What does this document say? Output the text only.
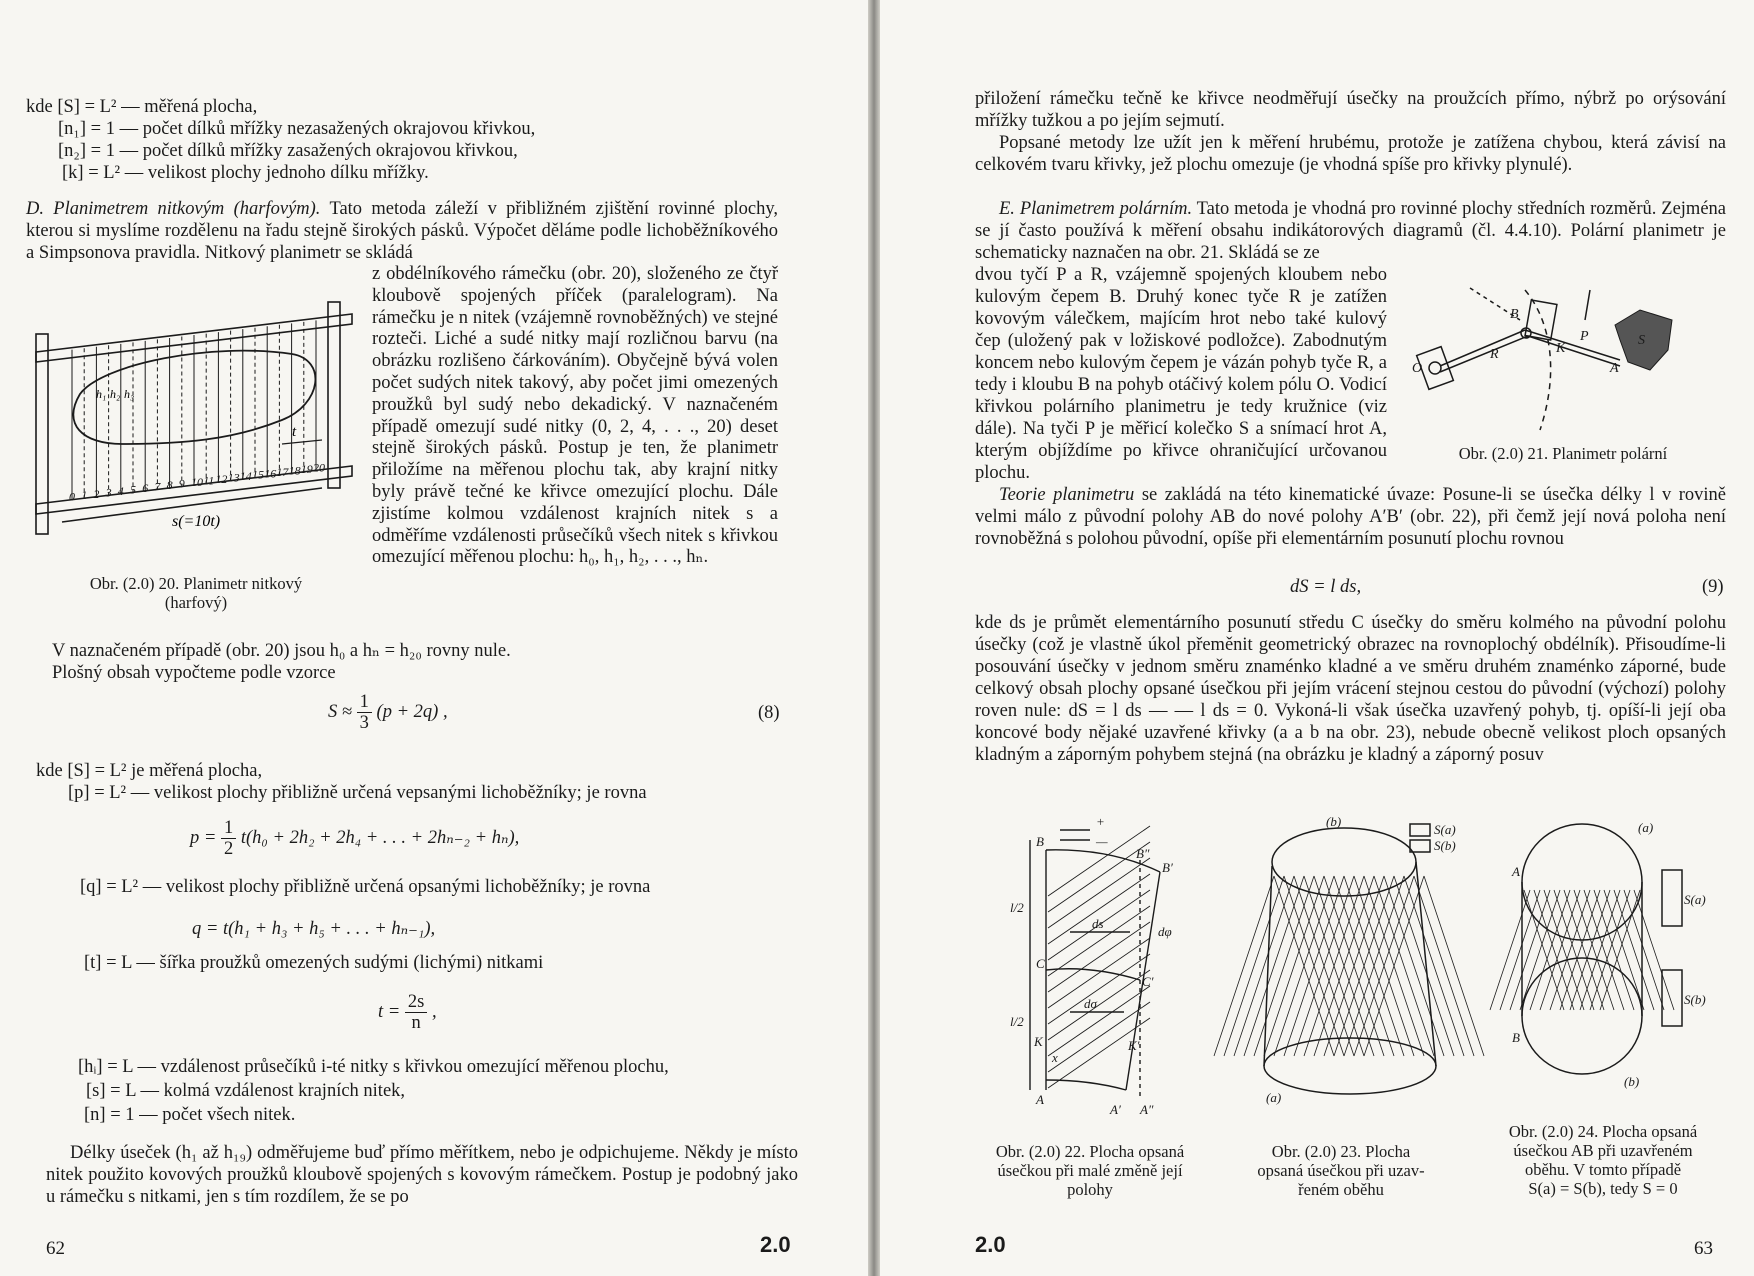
kde [S] = L² — měřená plocha,
[n₁] = 1 — počet dílků mřížky nezasažených okrajovou křivkou,
[n₂] = 1 — počet dílků mřížky zasažených okrajovou křivkou,
[k] = L² — velikost plochy jednoho dílku mřížky.

D. Planimetrem nitkovým (harfovým). Tato metoda záleží v přibližném zjištění rovinné plochy, kterou si myslíme rozdělenu na řadu stejně širokých pásků. Výpočet děláme podle lichoběžníkového a Simpsonova pravidla. Nitkový planimetr se skládá

z obdélníkového rámečku (obr. 20), složeného ze čtyř kloubově spojených příček (paralelogram). Na rámečku je n nitek (vzájemně rovnoběžných) ve stejné rozteči. Liché a sudé nitky mají rozličnou barvu (na obrázku rozlišeno čárkováním). Obyčejně bývá volen počet sudých nitek takový, aby počet jimi omezených proužků byl sudý nebo dekadický. V naznačeném případě omezují sudé nitky (0, 2, 4, . . ., 20) deset stejně širokých pásků. Postup je ten, že planimetr přiložíme na měřenou plochu tak, aby krajní nitky byly právě tečné ke křivce omezující plochu. Dále zjistíme kolmou vzdálenost krajních nitek s a odměříme vzdálenosti průsečíků všech nitek s křivkou omezující měřenou plochu: h₀, h₁, h₂, . . ., hₙ.

t
s(=10t)
h₁ h₂ h₃
0 1 2 3 4 5 6 7 8 9 10 11 12 13 14 15 16 17 18 19 20
Obr. (2.0) 20. Planimetr nitkový
(harfový)

V naznačeném případě (obr. 20) jsou h₀ a hₙ = h₂₀ rovny nule.

Plošný obsah vypočteme podle vzorce

$S \approx \frac{1}{3} (p + 2q)$ ,	(8)
kde [S] = L² je měřená plocha,
[p] = L² — velikost plochy přibližně určená vepsanými lichoběžníky; je rovna
$p = \frac{1}{2} t(h_0 + 2h_2 + 2h_4$ + . . . + 2hₙ₋₂ + hₙ),
[q] = L² — velikost plochy přibližně určená opsanými lichoběžníky; je rovna
q = t(h₁ + h₃ + h₅ + . . . + hₙ₋₁),
[t] = L — šířka proužků omezených sudými (lichými) nitkami
$t = \frac{2s}{n}$ ,
[hᵢ] = L — vzdálenost průsečíků i-té nitky s křivkou omezující měřenou plochu,
[s] = L — kolmá vzdálenost krajních nitek,
[n] = 1 — počet všech nitek.

Délky úseček (h₁ až h₁₉) odměřujeme buď přímo měřítkem, nebo je odpichujeme. Někdy je místo nitek použito kovových proužků kloubově spojených s kovovým rámečkem. Postup je podobný jako u rámečku s nitkami, jen s tím rozdílem, že se po

62	2.0

přiložení rámečku tečně ke křivce neodměřují úsečky na proužcích přímo, nýbrž po orýsování mřížky tužkou a po jejím sejmutí.

Popsané metody lze užít jen k měření hrubému, protože je zatížena chybou, která závisí na celkovém tvaru křivky, jež plochu omezuje (je vhodná spíše pro křivky plynulé).

E. Planimetrem polárním. Tato metoda je vhodná pro rovinné plochy středních rozměrů. Zejména se jí často používá k měření obsahu indikátorových diagramů (čl. 4.4.10). Polární planimetr je schematicky naznačen na obr. 21. Skládá se ze

dvou tyčí P a R, vzájemně spojených kloubem nebo kulovým čepem B. Druhý konec tyče R je zatížen kovovým válečkem, majícím hrot nebo také kulový čep (uložený pak v ložiskové podložce). Zabodnutým koncem nebo kulovým čepem je vázán pohyb tyče R, a tedy i kloubu B na pohyb otáčivý kolem pólu O. Vodicí křivkou polárního planimetru je tedy kružnice (viz dále). Na tyči P je měřicí kolečko S a snímací hrot A, kterým objíždíme po křivce ohraničující určovanou plochu.

B
K
P
R
O	A
S
Obr. (2.0) 21. Planimetr polární

Teorie planimetru se zakládá na této kinematické úvaze: Posune-li se úsečka délky l v rovině velmi málo z původní polohy AB do nové polohy A′B′ (obr. 22), při čemž její nová poloha není rovnoběžná s polohou původní, opíše při elementárním posunutí plochu rovnou

dS = l ds,	(9)

kde ds je průmět elementárního posunutí středu C úsečky do směru kolmého na původní polohu úsečky (což je vlastně úkol přeměnit geometrický obrazec na rovnoplochý obdélník). Přisoudíme-li posouvání úsečky v jednom směru znaménko kladné a ve směru druhém znaménko záporné, bude celkový obsah plochy opsané úsečkou při jejím vrácení stejnou cestou do původní (výchozí) polohy roven nule: dS = l ds — — l ds = 0. Vykoná-li však úsečka uzavřený pohyb, tj. opíší-li její oba koncové body nějaké uzavřené křivky (a a b na obr. 23), nebude obecně velikost ploch opsaných kladným a záporným pohybem stejná (na obrázku je kladný a záporný posuv

B
B″
B′
C
C′
K	K′
A
A′ A″
l/2
l/2
ds
dφ
dσ
x
+
—
Obr. (2.0) 22. Plocha opsaná
úsečkou při malé změně její
polohy
(b)
(a)
S(a)
S(b)
Obr. (2.0) 23. Plocha
opsaná úsečkou při uzav-
řeném oběhu
(a)
(b)
A
B
S(a)
S(b)
Obr. (2.0) 24. Plocha opsaná
úsečkou AB při uzavřeném
oběhu. V tomto případě
S(a) = S(b), tedy S = 0
2.0	63
